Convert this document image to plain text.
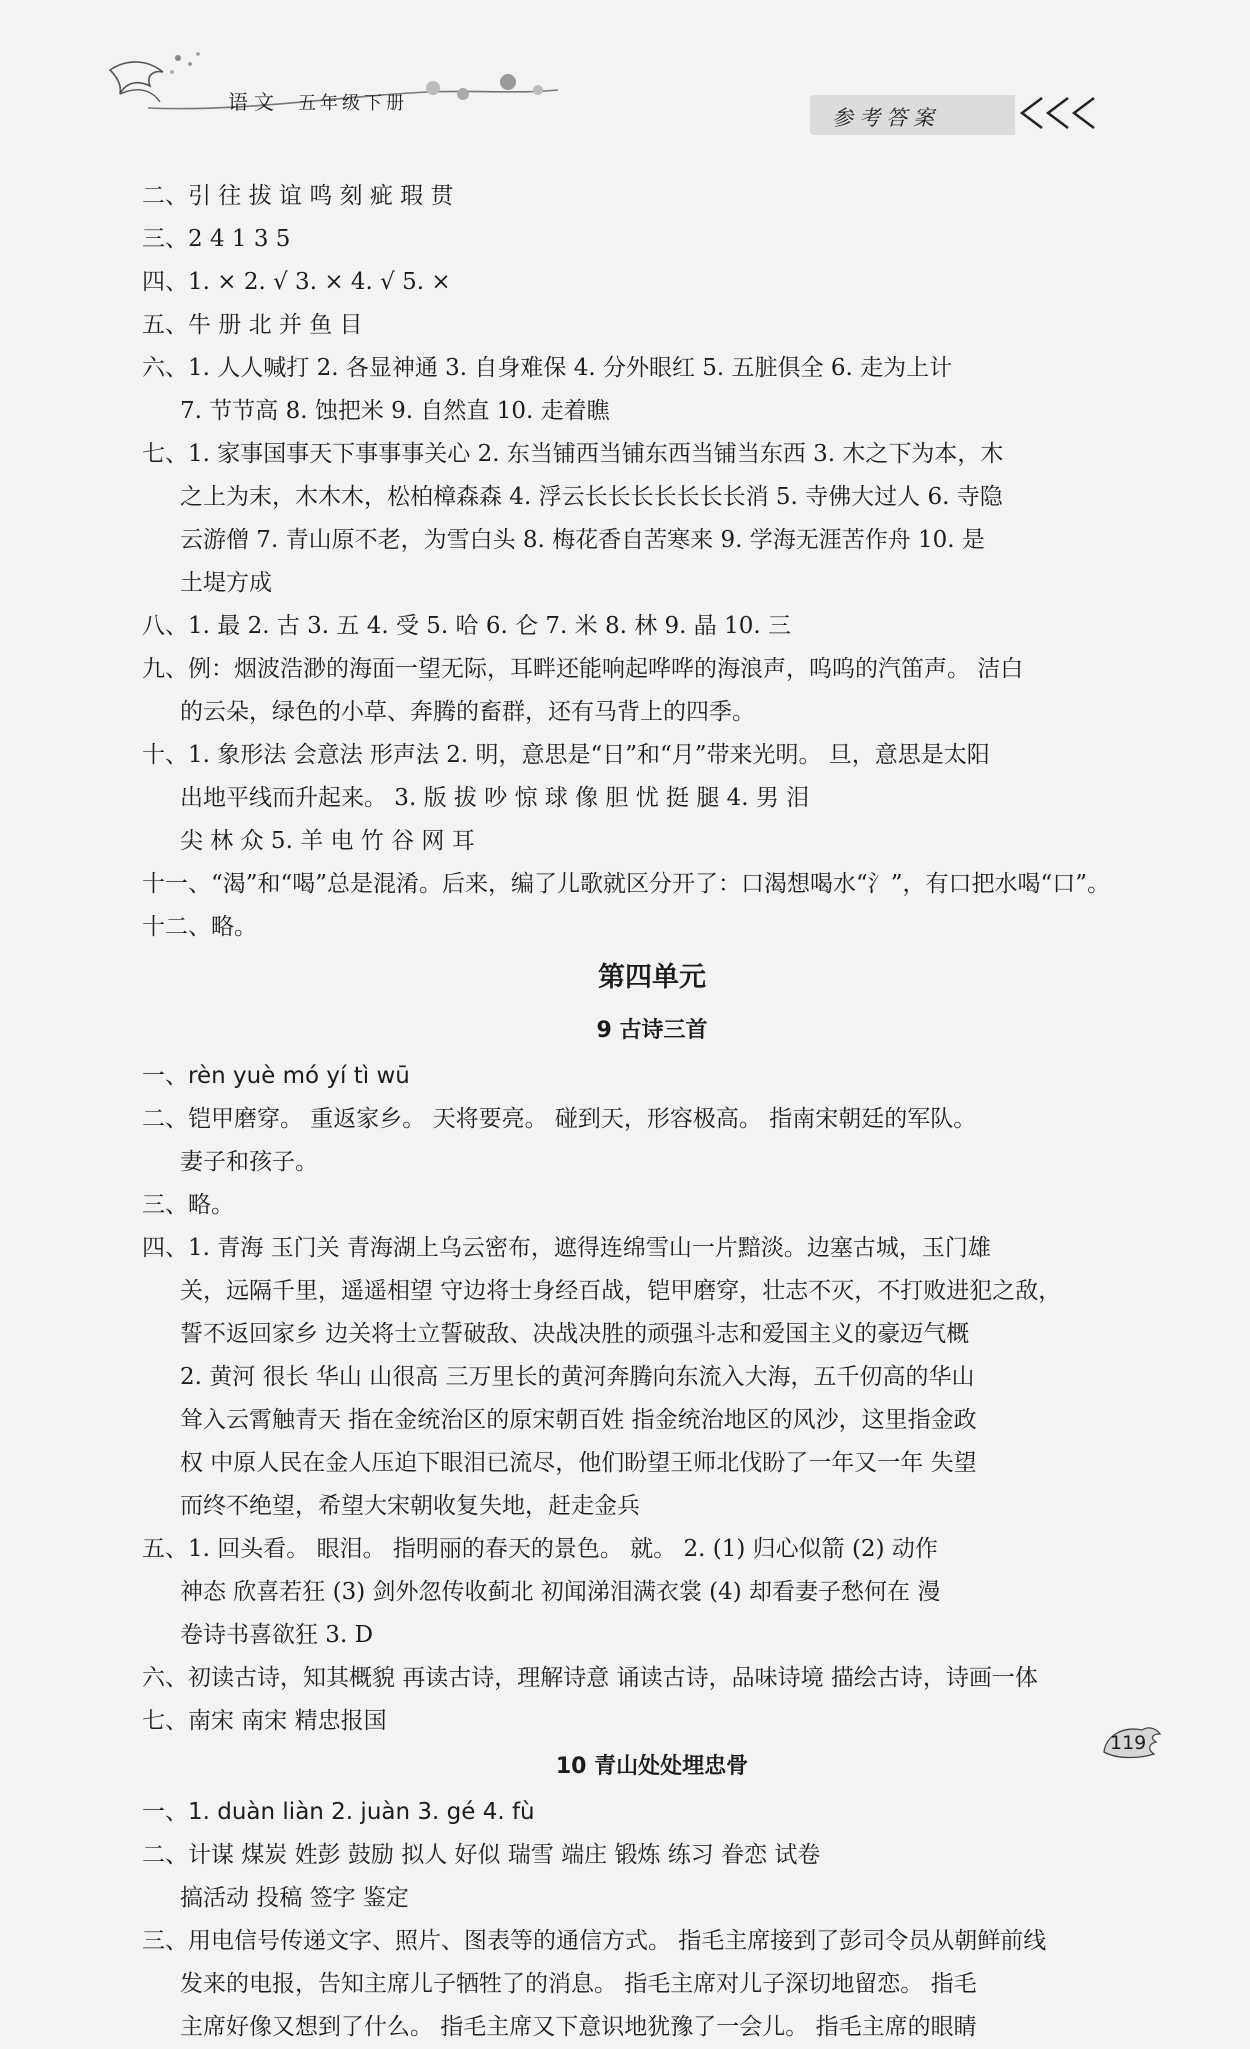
语文 五年级下册
参考答案
二、引 往 拔 谊 鸣 刻 疵 瑕 贯
三、2 4 1 3 5
四、1. × 2. √ 3. × 4. √ 5. ×
五、牛 册 北 并 鱼 目
六、1. 人人喊打 2. 各显神通 3. 自身难保 4. 分外眼红 5. 五脏俱全 6. 走为上计
7. 节节高 8. 蚀把米 9. 自然直 10. 走着瞧
七、1. 家事国事天下事事事关心 2. 东当铺西当铺东西当铺当东西 3. 木之下为本，木
之上为末，木木木，松柏樟森森 4. 浮云长长长长长长长消 5. 寺佛大过人 6. 寺隐
云游僧 7. 青山原不老，为雪白头 8. 梅花香自苦寒来 9. 学海无涯苦作舟 10. 是
土堤方成
八、1. 最 2. 古 3. 五 4. 受 5. 哈 6. 仑 7. 米 8. 林 9. 晶 10. 三
九、例：烟波浩渺的海面一望无际，耳畔还能响起哗哗的海浪声，呜呜的汽笛声。 洁白
的云朵，绿色的小草、奔腾的畜群，还有马背上的四季。
十、1. 象形法 会意法 形声法 2. 明，意思是“日”和“月”带来光明。 旦，意思是太阳
出地平线而升起来。 3. 版 拔 吵 惊 球 像 胆 忧 挺 腿 4. 男 泪
尖 林 众 5. 羊 电 竹 谷 网 耳
十一、“渴”和“喝”总是混淆。后来，编了儿歌就区分开了：口渴想喝水“氵”，有口把水喝“口”。
十二、略。
第四单元
9 古诗三首
一、rèn yuè mó yí tì wū
二、铠甲磨穿。 重返家乡。 天将要亮。 碰到天，形容极高。 指南宋朝廷的军队。
妻子和孩子。
三、略。
四、1. 青海 玉门关 青海湖上乌云密布，遮得连绵雪山一片黯淡。边塞古城，玉门雄
关，远隔千里，遥遥相望 守边将士身经百战，铠甲磨穿，壮志不灭，不打败进犯之敌，
誓不返回家乡 边关将士立誓破敌、决战决胜的顽强斗志和爱国主义的豪迈气概
2. 黄河 很长 华山 山很高 三万里长的黄河奔腾向东流入大海，五千仞高的华山
耸入云霄触青天 指在金统治区的原宋朝百姓 指金统治地区的风沙，这里指金政
权 中原人民在金人压迫下眼泪已流尽，他们盼望王师北伐盼了一年又一年 失望
而终不绝望，希望大宋朝收复失地，赶走金兵
五、1. 回头看。 眼泪。 指明丽的春天的景色。 就。 2. (1) 归心似箭 (2) 动作
神态 欣喜若狂 (3) 剑外忽传收蓟北 初闻涕泪满衣裳 (4) 却看妻子愁何在 漫
卷诗书喜欲狂 3. D
六、初读古诗，知其概貌 再读古诗，理解诗意 诵读古诗，品味诗境 描绘古诗，诗画一体
七、南宋 南宋 精忠报国
10 青山处处埋忠骨
一、1. duàn liàn 2. juàn 3. gé 4. fù
二、计谋 煤炭 姓彭 鼓励 拟人 好似 瑞雪 端庄 锻炼 练习 眷恋 试卷
搞活动 投稿 签字 鉴定
三、用电信号传递文字、照片、图表等的通信方式。 指毛主席接到了彭司令员从朝鲜前线
发来的电报，告知主席儿子牺牲了的消息。 指毛主席对儿子深切地留恋。 指毛
主席好像又想到了什么。 指毛主席又下意识地犹豫了一会儿。 指毛主席的眼睛
119
